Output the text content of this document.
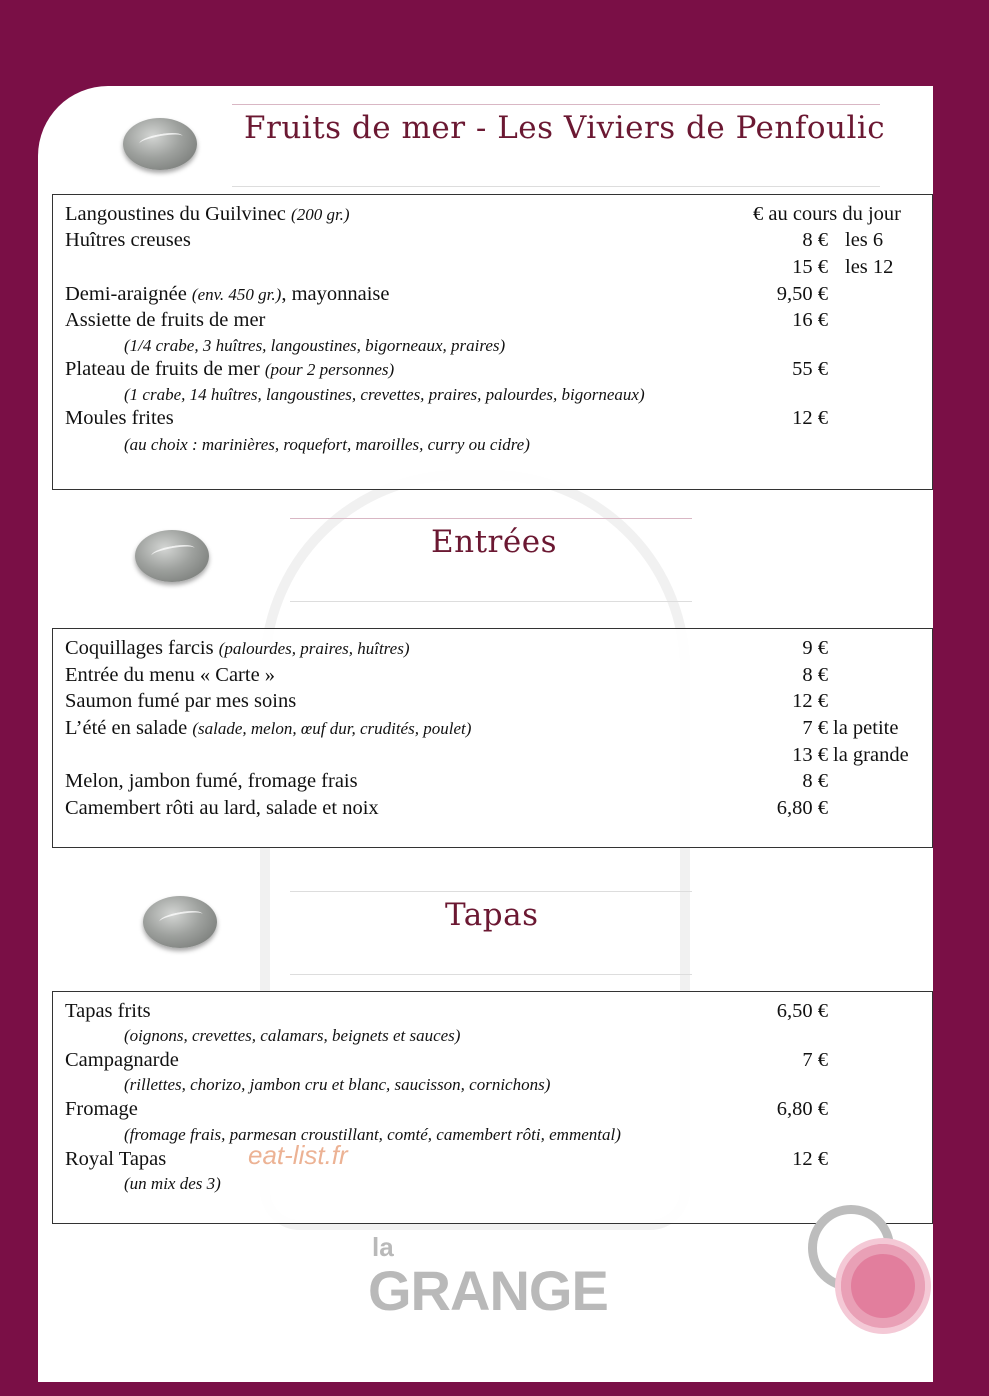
Fruits de mer - Les Viviers de Penfoulic
Langoustines du Guilvinec (200 gr.)	€ au cours du jour
Huîtres creuses	8 € les 6
15 € les 12
Demi-araignée (env. 450 gr.), mayonnaise	9,50 €
Assiette de fruits de mer	16 €
(1/4 crabe, 3 huîtres, langoustines, bigorneaux, praires)
Plateau de fruits de mer (pour 2 personnes)	55 €
(1 crabe, 14 huîtres, langoustines, crevettes, praires, palourdes, bigorneaux)
Moules frites	12 €
(au choix : marinières, roquefort, maroilles, curry ou cidre)
Entrées
Coquillages farcis (palourdes, praires, huîtres)	9 €
Entrée du menu « Carte »	8 €
Saumon fumé par mes soins	12 €
L’été en salade (salade, melon, œuf dur, crudités, poulet)	7 € la petite
13 € la grande
Melon, jambon fumé, fromage frais	8 €
Camembert rôti au lard, salade et noix	6,80 €
Tapas
Tapas frits	6,50 €
(oignons, crevettes, calamars, beignets et sauces)
Campagnarde	7 €
(rillettes, chorizo, jambon cru et blanc, saucisson, cornichons)
Fromage	6,80 €
(fromage frais, parmesan croustillant, comté, camembert rôti, emmental)
Royal Tapas	12 €
(un mix des 3)
eat-list.fr
la
GRANGE
